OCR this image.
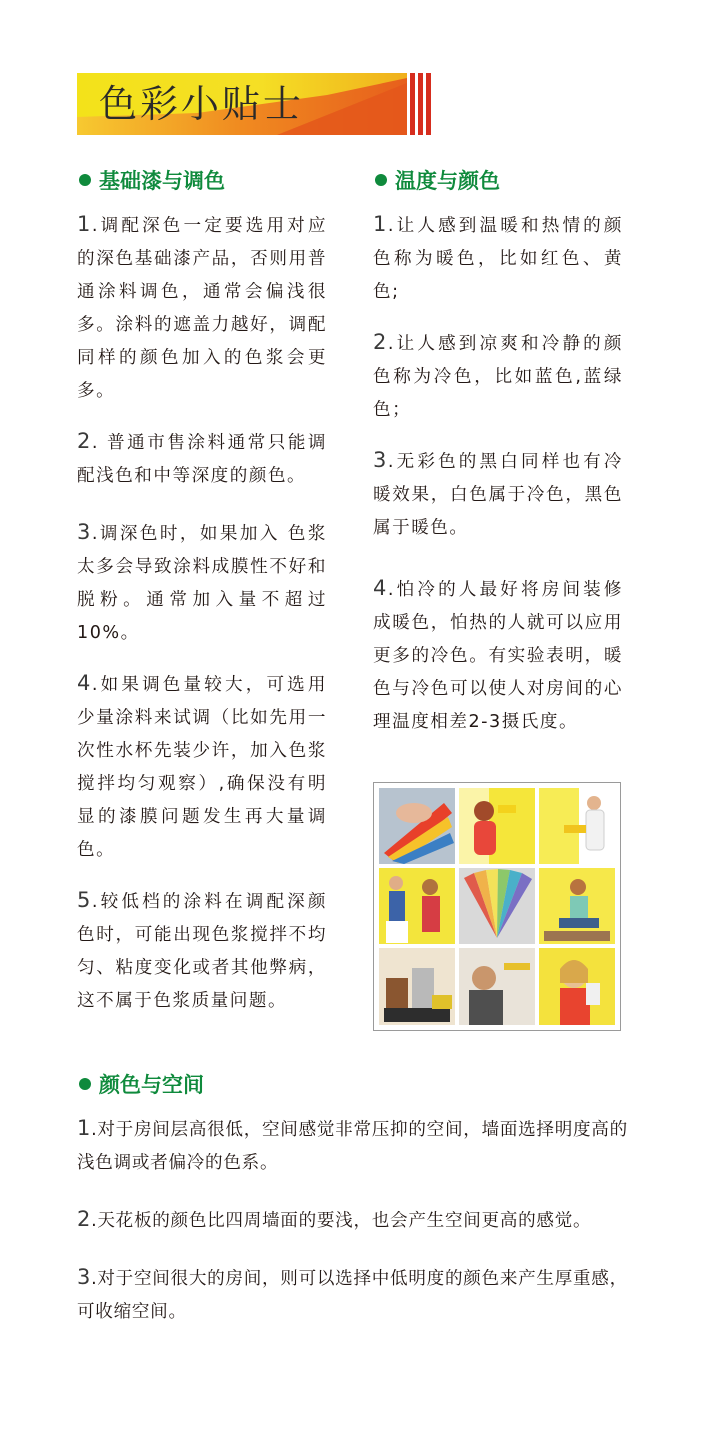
色彩小贴士
基础漆与调色

1.调配深色一定要选用对应的深色基础漆产品，否则用普通涂料调色，通常会偏浅很多。涂料的遮盖力越好，调配同样的颜色加入的色浆会更多。

2. 普通市售涂料通常只能调配浅色和中等深度的颜色。

3.调深色时，如果加入 色浆太多会导致涂料成膜性不好和脱粉。通常加入量不超过10%。

4.如果调色量较大，可选用少量涂料来试调（比如先用一次性水杯先装少许，加入色浆搅拌均匀观察）,确保没有明显的漆膜问题发生再大量调色。

5.较低档的涂料在调配深颜色时，可能出现色浆搅拌不均匀、粘度变化或者其他弊病，这不属于色浆质量问题。

温度与颜色

1.让人感到温暖和热情的颜色称为暖色，比如红色、黄色;

2.让人感到凉爽和冷静的颜色称为冷色，比如蓝色,蓝绿色；

3.无彩色的黑白同样也有冷暖效果，白色属于冷色，黑色属于暖色。

4.怕冷的人最好将房间装修成暖色，怕热的人就可以应用更多的冷色。有实验表明，暖色与冷色可以使人对房间的心理温度相差2-3摄氏度。

颜色与空间

1.对于房间层高很低，空间感觉非常压抑的空间，墙面选择明度高的浅色调或者偏冷的色系。

2.天花板的颜色比四周墙面的要浅，也会产生空间更高的感觉。

3.对于空间很大的房间，则可以选择中低明度的颜色来产生厚重感，可收缩空间。
